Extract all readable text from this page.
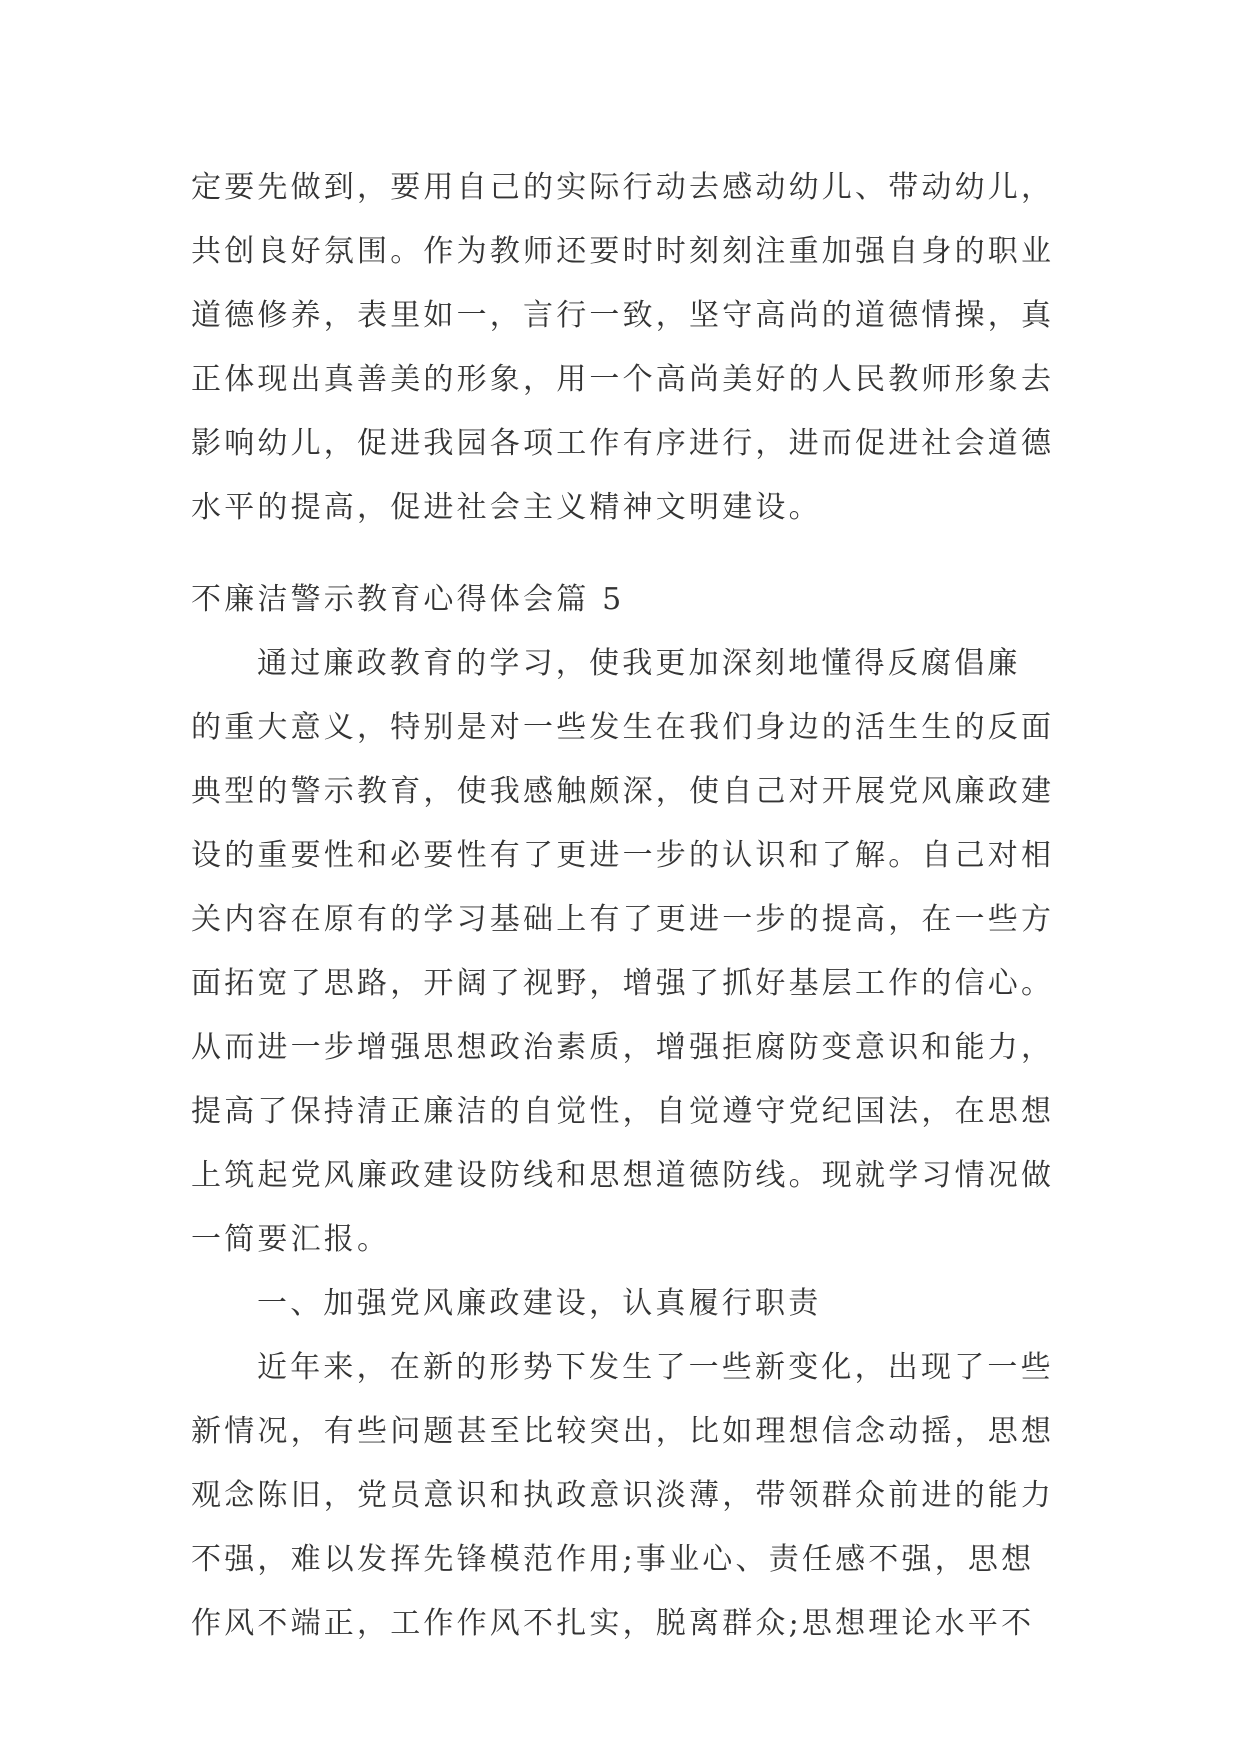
定要先做到，要用自己的实际行动去感动幼儿、带动幼儿，
共创良好氛围。作为教师还要时时刻刻注重加强自身的职业
道德修养，表里如一，言行一致，坚守高尚的道德情操，真
正体现出真善美的形象，用一个高尚美好的人民教师形象去
影响幼儿，促进我园各项工作有序进行，进而促进社会道德
水平的提高，促进社会主义精神文明建设。
不廉洁警示教育心得体会篇 5
通过廉政教育的学习，使我更加深刻地懂得反腐倡廉
的重大意义，特别是对一些发生在我们身边的活生生的反面
典型的警示教育，使我感触颇深，使自己对开展党风廉政建
设的重要性和必要性有了更进一步的认识和了解。自己对相
关内容在原有的学习基础上有了更进一步的提高，在一些方
面拓宽了思路，开阔了视野，增强了抓好基层工作的信心。
从而进一步增强思想政治素质，增强拒腐防变意识和能力，
提高了保持清正廉洁的自觉性，自觉遵守党纪国法，在思想
上筑起党风廉政建设防线和思想道德防线。现就学习情况做
一简要汇报。
一、加强党风廉政建设，认真履行职责
近年来，在新的形势下发生了一些新变化，出现了一些
新情况，有些问题甚至比较突出，比如理想信念动摇，思想
观念陈旧，党员意识和执政意识淡薄，带领群众前进的能力
不强，难以发挥先锋模范作用;事业心、责任感不强，思想
作风不端正，工作作风不扎实，脱离群众;思想理论水平不
